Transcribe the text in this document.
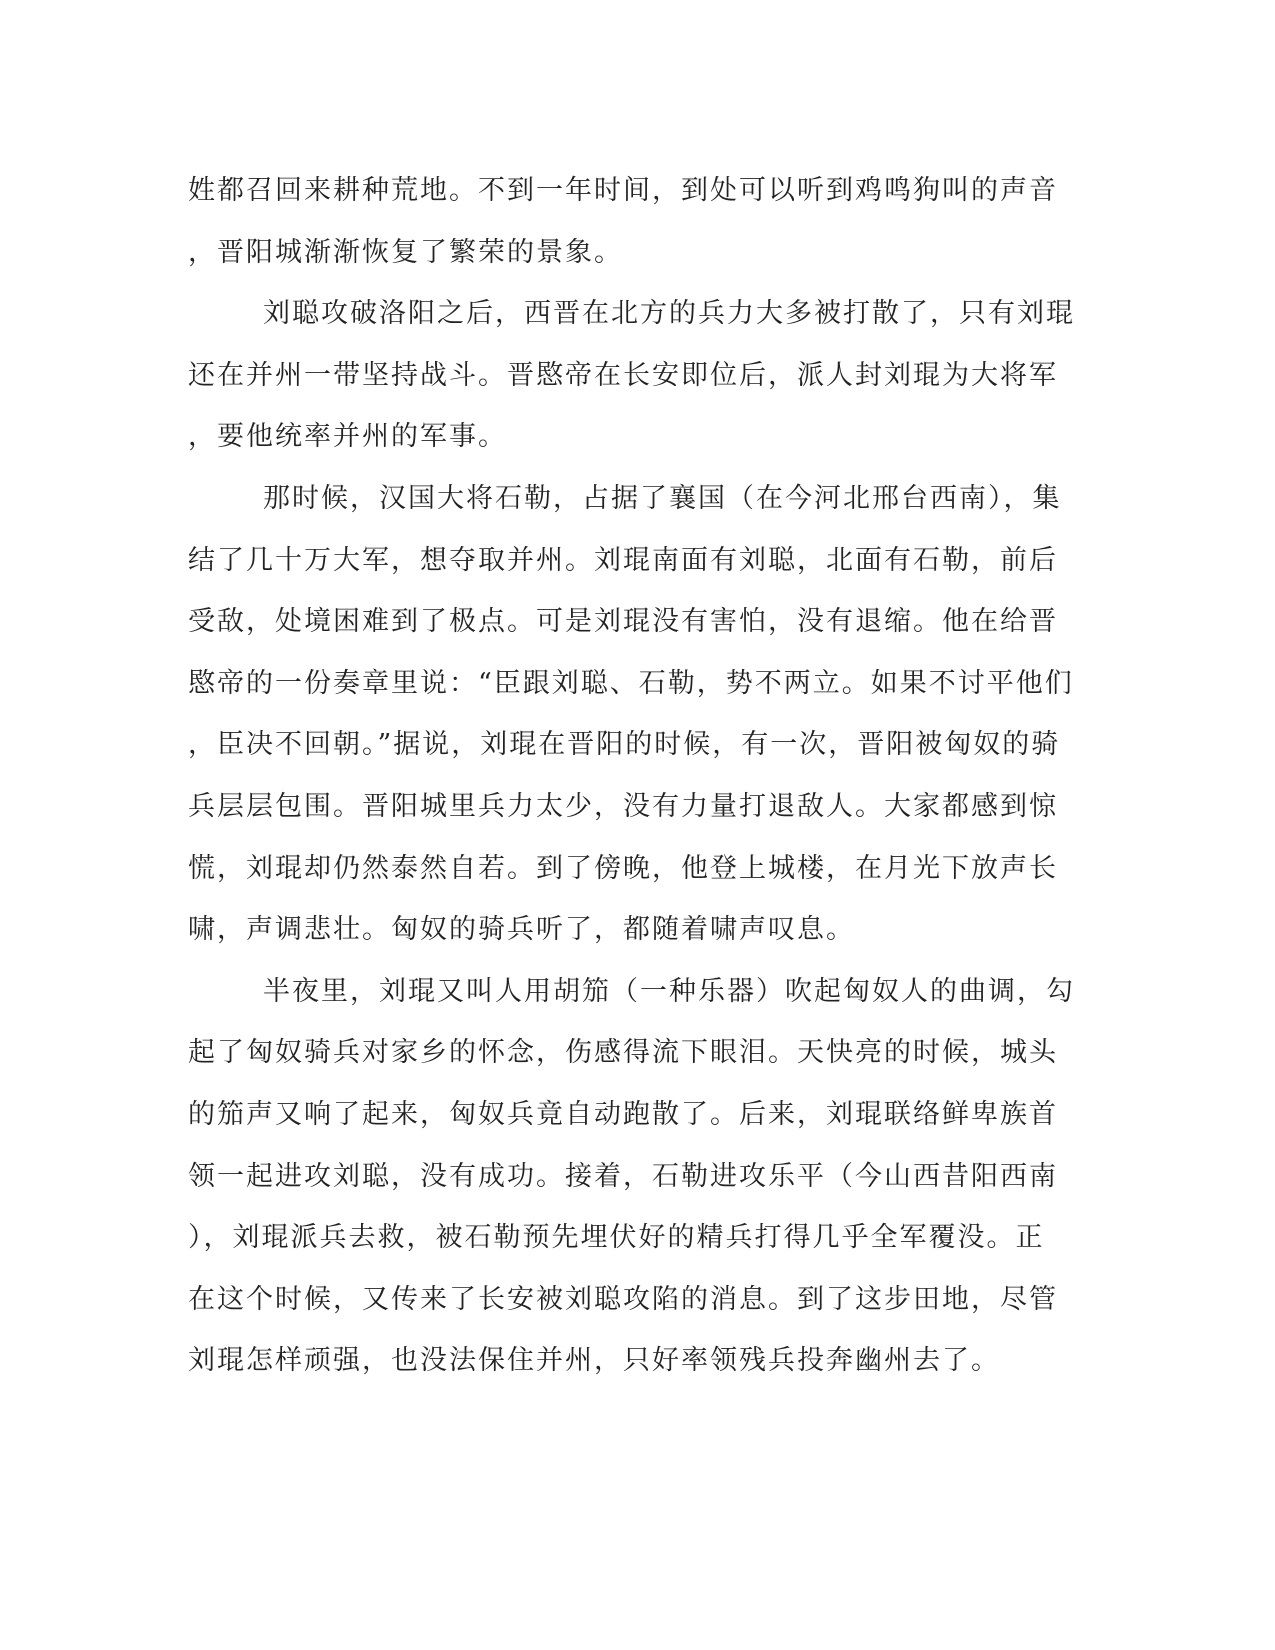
姓都召回来耕种荒地。不到一年时间，到处可以听到鸡鸣狗叫的声音
，晋阳城渐渐恢复了繁荣的景象。
刘聪攻破洛阳之后，西晋在北方的兵力大多被打散了，只有刘琨
还在并州一带坚持战斗。晋愍帝在长安即位后，派人封刘琨为大将军
，要他统率并州的军事。
那时候，汉国大将石勒，占据了襄国（在今河北邢台西南），集
结了几十万大军，想夺取并州。刘琨南面有刘聪，北面有石勒，前后
受敌，处境困难到了极点。可是刘琨没有害怕，没有退缩。他在给晋
愍帝的一份奏章里说：“臣跟刘聪、石勒，势不两立。如果不讨平他们
，臣决不回朝。”据说，刘琨在晋阳的时候，有一次，晋阳被匈奴的骑
兵层层包围。晋阳城里兵力太少，没有力量打退敌人。大家都感到惊
慌，刘琨却仍然泰然自若。到了傍晚，他登上城楼，在月光下放声长
啸，声调悲壮。匈奴的骑兵听了，都随着啸声叹息。
半夜里，刘琨又叫人用胡笳（一种乐器）吹起匈奴人的曲调，勾
起了匈奴骑兵对家乡的怀念，伤感得流下眼泪。天快亮的时候，城头
的笳声又响了起来，匈奴兵竟自动跑散了。后来，刘琨联络鲜卑族首
领一起进攻刘聪，没有成功。接着，石勒进攻乐平（今山西昔阳西南
），刘琨派兵去救，被石勒预先埋伏好的精兵打得几乎全军覆没。正
在这个时候，又传来了长安被刘聪攻陷的消息。到了这步田地，尽管
刘琨怎样顽强，也没法保住并州，只好率领残兵投奔幽州去了。
